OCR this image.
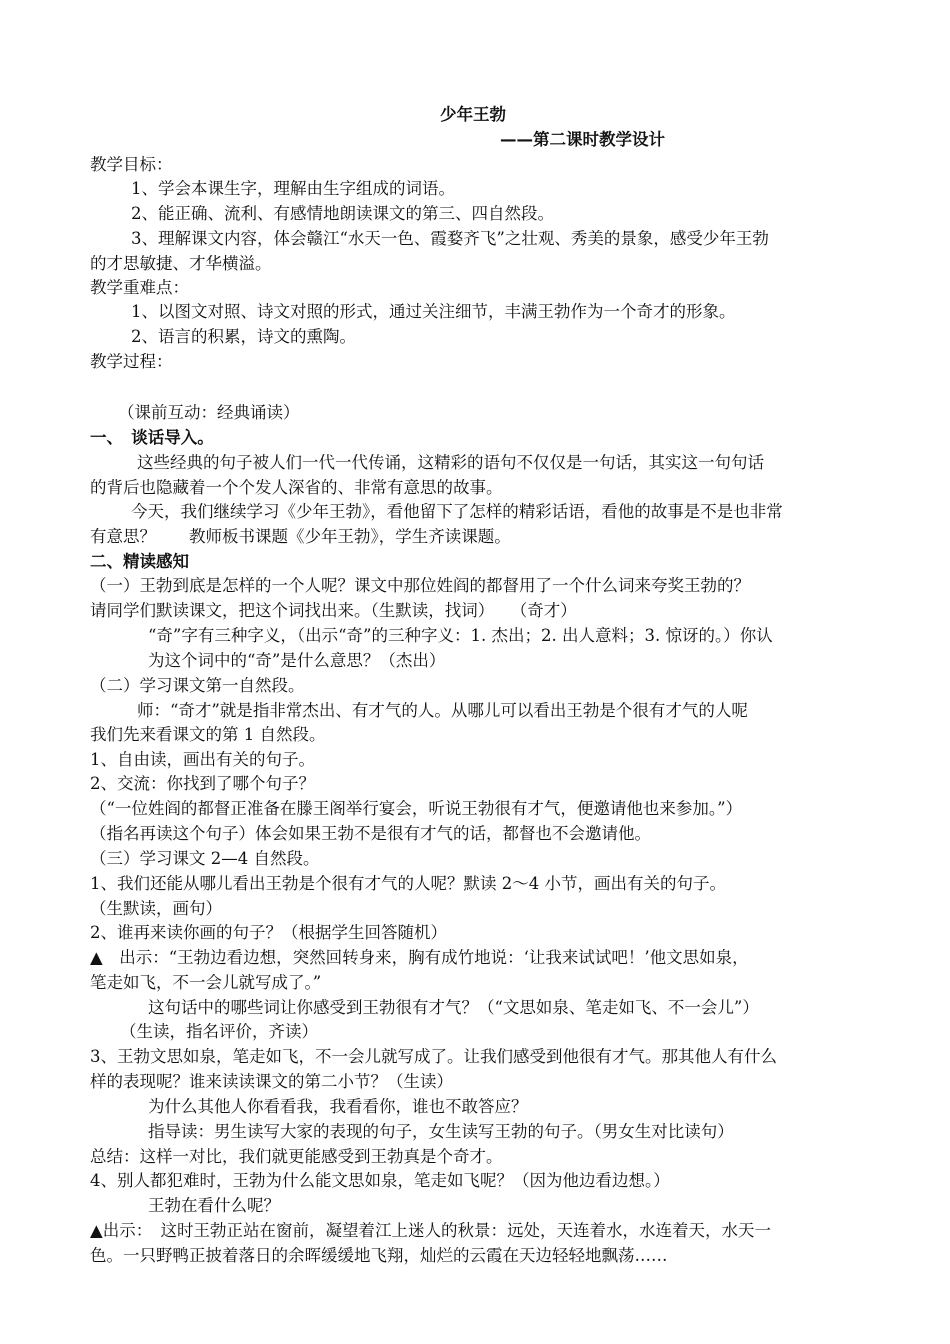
少年王勃
——第二课时教学设计
教学目标：
1、学会本课生字，理解由生字组成的词语。
2、能正确、流利、有感情地朗读课文的第三、四自然段。
3、理解课文内容，体会赣江“水天一色、霞婺齐飞”之壮观、秀美的景象，感受少年王勃
的才思敏捷、才华横溢。
教学重难点：
1、以图文对照、诗文对照的形式，通过关注细节，丰满王勃作为一个奇才的形象。
2、语言的积累，诗文的熏陶。
教学过程：
（课前互动：经典诵读）
一、　谈话导入。
这些经典的句子被人们一代一代传诵，这精彩的语句不仅仅是一句话，其实这一句句话
的背后也隐藏着一个个发人深省的、非常有意思的故事。
今天，我们继续学习《少年王勃》，看他留下了怎样的精彩话语，看他的故事是不是也非常
有意思？　　教师板书课题《少年王勃》，学生齐读课题。
二、精读感知
（一）王勃到底是怎样的一个人呢？课文中那位姓阎的都督用了一个什么词来夸奖王勃的？
请同学们默读课文，把这个词找出来。（生默读，找词）　　（奇才）
“奇”字有三种字义，（出示“奇”的三种字义：1. 杰出；2. 出人意料；3. 惊讶的。）你认
为这个词中的“奇”是什么意思？（杰出）
（二）学习课文第一自然段。
师：“奇才”就是指非常杰出、有才气的人。从哪儿可以看出王勃是个很有才气的人呢
我们先来看课文的第 1 自然段。
1、自由读，画出有关的句子。
2、交流：你找到了哪个句子？
（“一位姓阎的都督正准备在滕王阁举行宴会，听说王勃很有才气，便邀请他也来参加。”）
（指名再读这个句子）体会如果王勃不是很有才气的话，都督也不会邀请他。
（三）学习课文 2—4 自然段。
1、我们还能从哪儿看出王勃是个很有才气的人呢？默读 2～4 小节，画出有关的句子。
（生默读，画句）
2、谁再来读你画的句子？（根据学生回答随机）
▲　 出示：“王勃边看边想，突然回转身来，胸有成竹地说：‘让我来试试吧！’他文思如泉，
笔走如飞，不一会儿就写成了。”
这句话中的哪些词让你感受到王勃很有才气？（“文思如泉、笔走如飞、不一会儿”）
（生读，指名评价，齐读）
3、王勃文思如泉，笔走如飞，不一会儿就写成了。让我们感受到他很有才气。那其他人有什么
样的表现呢？谁来读读课文的第二小节？（生读）
为什么其他人你看看我，我看看你，谁也不敢答应？
指导读：男生读写大家的表现的句子，女生读写王勃的句子。（男女生对比读句）
总结：这样一对比，我们就更能感受到王勃真是个奇才。
4、别人都犯难时，王勃为什么能文思如泉，笔走如飞呢？（因为他边看边想。）
王勃在看什么呢？
▲出示：　这时王勃正站在窗前，凝望着江上迷人的秋景：远处，天连着水，水连着天，水天一
色。一只野鸭正披着落日的余晖缓缓地飞翔，灿烂的云霞在天边轻轻地飘荡……
